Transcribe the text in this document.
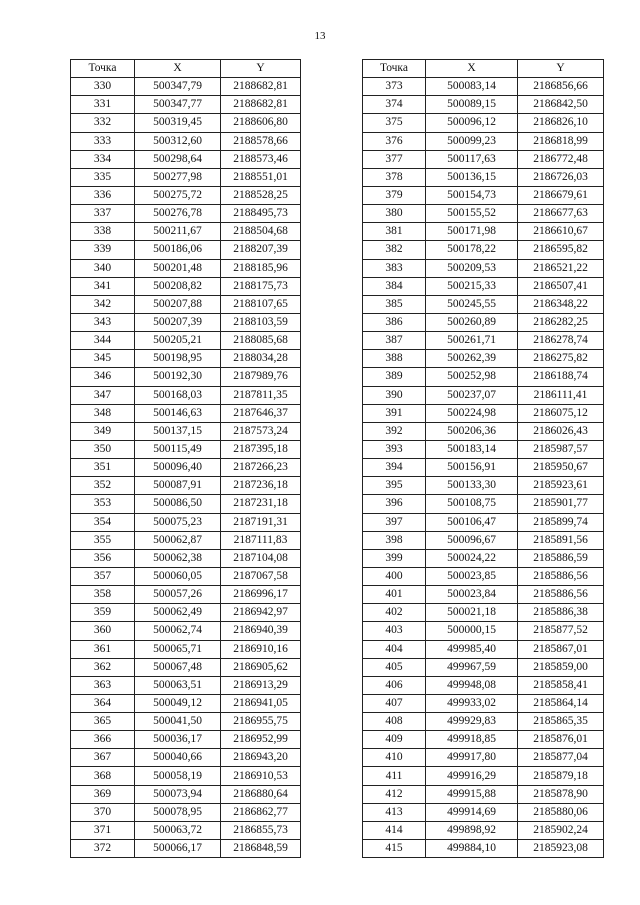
13
Точка	X	Y
330	500347,79	2188682,81
331	500347,77	2188682,81
332	500319,45	2188606,80
333	500312,60	2188578,66
334	500298,64	2188573,46
335	500277,98	2188551,01
336	500275,72	2188528,25
337	500276,78	2188495,73
338	500211,67	2188504,68
339	500186,06	2188207,39
340	500201,48	2188185,96
341	500208,82	2188175,73
342	500207,88	2188107,65
343	500207,39	2188103,59
344	500205,21	2188085,68
345	500198,95	2188034,28
346	500192,30	2187989,76
347	500168,03	2187811,35
348	500146,63	2187646,37
349	500137,15	2187573,24
350	500115,49	2187395,18
351	500096,40	2187266,23
352	500087,91	2187236,18
353	500086,50	2187231,18
354	500075,23	2187191,31
355	500062,87	2187111,83
356	500062,38	2187104,08
357	500060,05	2187067,58
358	500057,26	2186996,17
359	500062,49	2186942,97
360	500062,74	2186940,39
361	500065,71	2186910,16
362	500067,48	2186905,62
363	500063,51	2186913,29
364	500049,12	2186941,05
365	500041,50	2186955,75
366	500036,17	2186952,99
367	500040,66	2186943,20
368	500058,19	2186910,53
369	500073,94	2186880,64
370	500078,95	2186862,77
371	500063,72	2186855,73
372	500066,17	2186848,59
Точка	X	Y
373	500083,14	2186856,66
374	500089,15	2186842,50
375	500096,12	2186826,10
376	500099,23	2186818,99
377	500117,63	2186772,48
378	500136,15	2186726,03
379	500154,73	2186679,61
380	500155,52	2186677,63
381	500171,98	2186610,67
382	500178,22	2186595,82
383	500209,53	2186521,22
384	500215,33	2186507,41
385	500245,55	2186348,22
386	500260,89	2186282,25
387	500261,71	2186278,74
388	500262,39	2186275,82
389	500252,98	2186188,74
390	500237,07	2186111,41
391	500224,98	2186075,12
392	500206,36	2186026,43
393	500183,14	2185987,57
394	500156,91	2185950,67
395	500133,30	2185923,61
396	500108,75	2185901,77
397	500106,47	2185899,74
398	500096,67	2185891,56
399	500024,22	2185886,59
400	500023,85	2185886,56
401	500023,84	2185886,56
402	500021,18	2185886,38
403	500000,15	2185877,52
404	499985,40	2185867,01
405	499967,59	2185859,00
406	499948,08	2185858,41
407	499933,02	2185864,14
408	499929,83	2185865,35
409	499918,85	2185876,01
410	499917,80	2185877,04
411	499916,29	2185879,18
412	499915,88	2185878,90
413	499914,69	2185880,06
414	499898,92	2185902,24
415	499884,10	2185923,08
